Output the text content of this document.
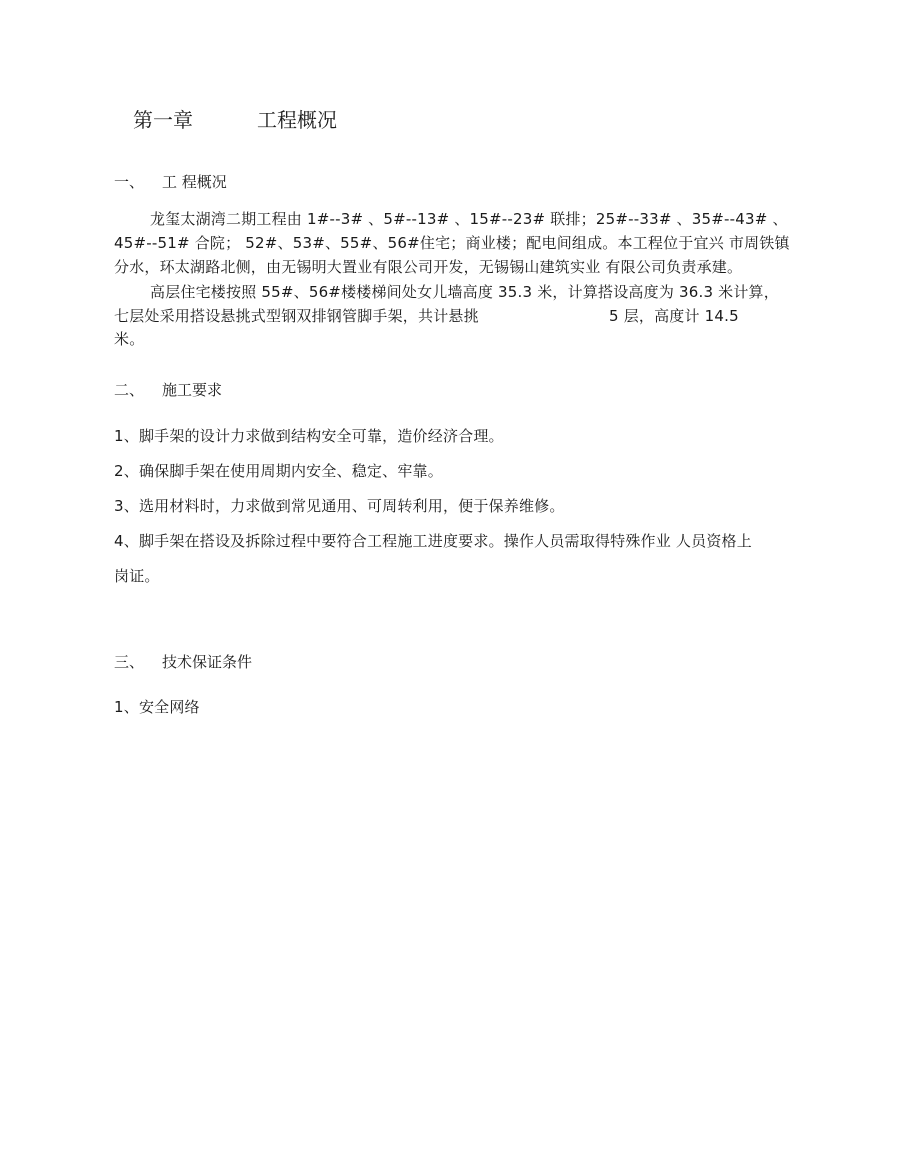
第一章	工程概况
一、 工 程概况
龙玺太湖湾二期工程由 1#--3# 、5#--13# 、15#--23# 联排；25#--33# 、35#--43# 、
45#--51# 合院； 52#、53#、55#、56#住宅；商业楼；配电间组成。本工程位于宜兴 市周铁镇
分水，环太湖路北侧，由无锡明大置业有限公司开发，无锡锡山建筑实业 有限公司负责承建。
高层住宅楼按照 55#、56#楼楼梯间处女儿墙高度 35.3 米，计算搭设高度为 36.3 米计算，
七层处采用搭设悬挑式型钢双排钢管脚手架，共计悬挑	5 层，高度计 14.5
米。
二、 施工要求
1、脚手架的设计力求做到结构安全可靠，造价经济合理。
2、确保脚手架在使用周期内安全、稳定、牢靠。
3、选用材料时，力求做到常见通用、可周转利用，便于保养维修。
4、脚手架在搭设及拆除过程中要符合工程施工进度要求。操作人员需取得特殊作业 人员资格上
岗证。
三、 技术保证条件
1、安全网络
